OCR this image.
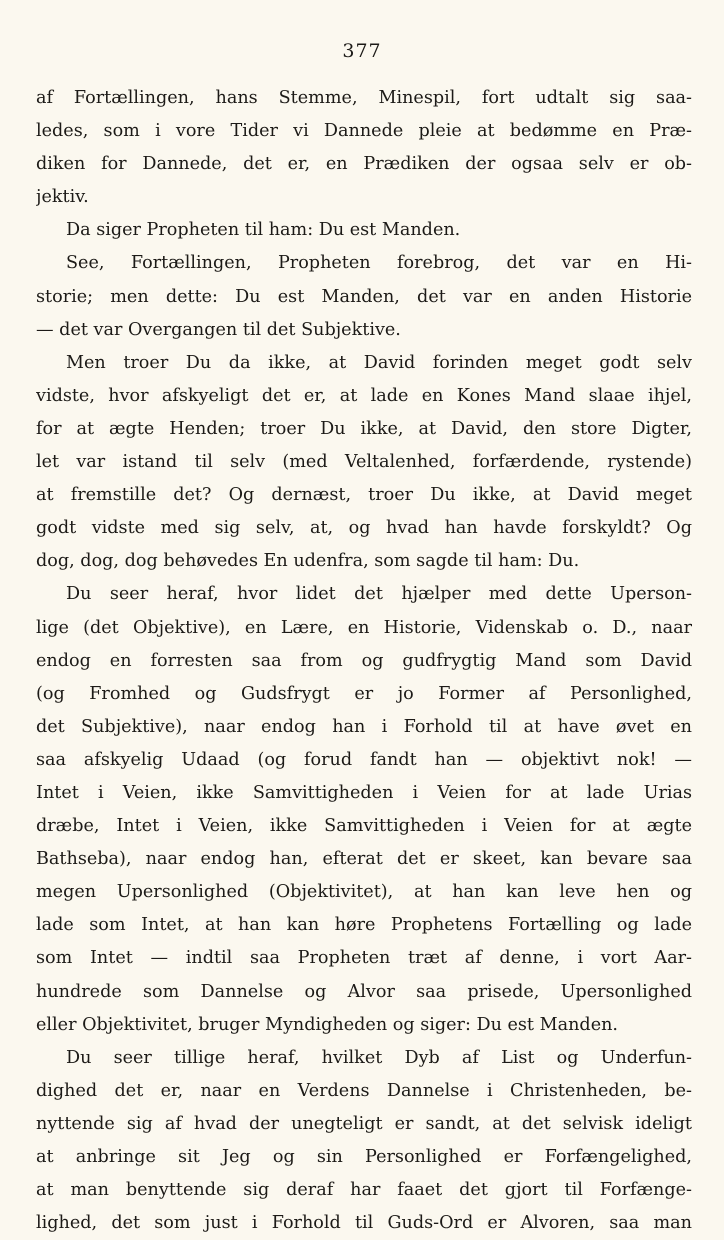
377
af Fortællingen, hans Stemme, Minespil, fort udtalt sig saa-
ledes, som i vore Tider vi Dannede pleie at bedømme en Præ-
diken for Dannede, det er, en Prædiken der ogsaa selv er ob-
jektiv.
Da siger Propheten til ham: Du est Manden.
See, Fortællingen, Propheten forebrog, det var en Hi-
storie; men dette: Du est Manden, det var en anden Historie
— det var Overgangen til det Subjektive.
Men troer Du da ikke, at David forinden meget godt selv
vidste, hvor afskyeligt det er, at lade en Kones Mand slaae ihjel,
for at ægte Henden; troer Du ikke, at David, den store Digter,
let var istand til selv (med Veltalenhed, forfærdende, rystende)
at fremstille det? Og dernæst, troer Du ikke, at David meget
godt vidste med sig selv, at, og hvad han havde forskyldt? Og
dog, dog, dog behøvedes En udenfra, som sagde til ham: Du.
Du seer heraf, hvor lidet det hjælper med dette Uperson-
lige (det Objektive), en Lære, en Historie, Videnskab o. D., naar
endog en forresten saa from og gudfrygtig Mand som David
(og Fromhed og Gudsfrygt er jo Former af Personlighed,
det Subjektive), naar endog han i Forhold til at have øvet en
saa afskyelig Udaad (og forud fandt han — objektivt nok! —
Intet i Veien, ikke Samvittigheden i Veien for at lade Urias
dræbe, Intet i Veien, ikke Samvittigheden i Veien for at ægte
Bathseba), naar endog han, efterat det er skeet, kan bevare saa
megen Upersonlighed (Objektivitet), at han kan leve hen og
lade som Intet, at han kan høre Prophetens Fortælling og lade
som Intet — indtil saa Propheten træt af denne, i vort Aar-
hundrede som Dannelse og Alvor saa prisede, Upersonlighed
eller Objektivitet, bruger Myndigheden og siger: Du est Manden.
Du seer tillige heraf, hvilket Dyb af List og Underfun-
dighed det er, naar en Verdens Dannelse i Christenheden, be-
nyttende sig af hvad der unegteligt er sandt, at det selvisk ideligt
at anbringe sit Jeg og sin Personlighed er Forfængelighed,
at man benyttende sig deraf har faaet det gjort til Forfænge-
lighed, det som just i Forhold til Guds-Ord er Alvoren, saa man
